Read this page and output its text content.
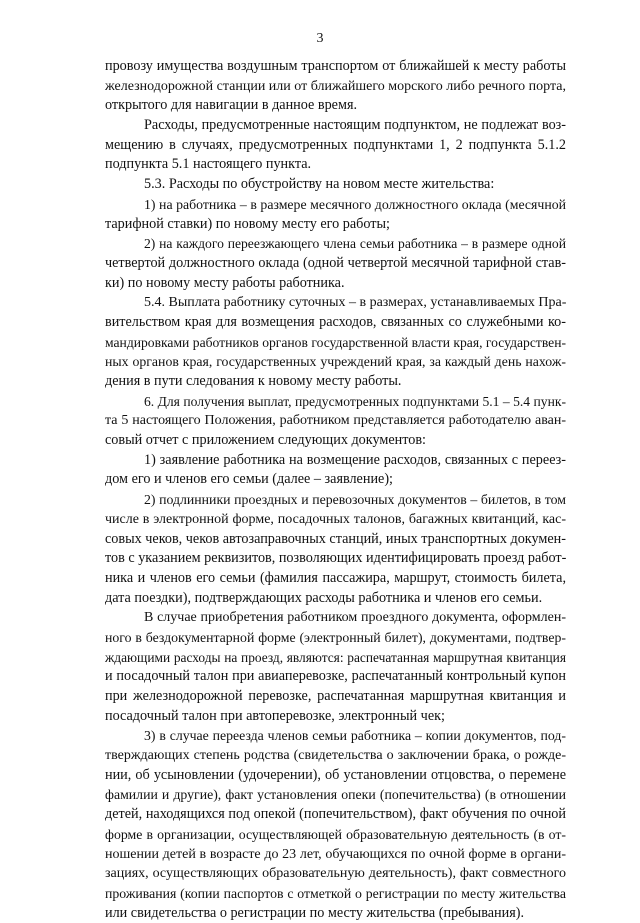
3
провозу имущества воздушным транспортом от ближайшей к месту работы
железнодорожной станции или от ближайшего морского либо речного порта,
открытого для навигации в данное время.
Расходы, предусмотренные настоящим подпунктом, не подлежат воз-
мещению в случаях, предусмотренных подпунктами 1, 2 подпункта 5.1.2
подпункта 5.1 настоящего пункта.
5.3. Расходы по обустройству на новом месте жительства:
1) на работника – в размере месячного должностного оклада (месячной
тарифной ставки) по новому месту его работы;
2) на каждого переезжающего члена семьи работника – в размере одной
четвертой должностного оклада (одной четвертой месячной тарифной став-
ки) по новому месту работы работника.
5.4. Выплата работнику суточных – в размерах, устанавливаемых Пра-
вительством края для возмещения расходов, связанных со служебными ко-
мандировками работников органов государственной власти края, государствен-
ных органов края, государственных учреждений края, за каждый день нахож-
дения в пути следования к новому месту работы.
6. Для получения выплат, предусмотренных подпунктами 5.1 – 5.4 пунк-
та 5 настоящего Положения, работником представляется работодателю аван-
совый отчет с приложением следующих документов:
1) заявление работника на возмещение расходов, связанных с переез-
дом его и членов его семьи (далее – заявление);
2) подлинники проездных и перевозочных документов – билетов, в том
числе в электронной форме, посадочных талонов, багажных квитанций, кас-
совых чеков, чеков автозаправочных станций, иных транспортных докумен-
тов с указанием реквизитов, позволяющих идентифицировать проезд работ-
ника и членов его семьи (фамилия пассажира, маршрут, стоимость билета,
дата поездки), подтверждающих расходы работника и членов его семьи.
В случае приобретения работником проездного документа, оформлен-
ного в бездокументарной форме (электронный билет), документами, подтвер-
ждающими расходы на проезд, являются: распечатанная маршрутная квитанция
и посадочный талон при авиаперевозке, распечатанный контрольный купон
при железнодорожной перевозке, распечатанная маршрутная квитанция и
посадочный талон при автоперевозке, электронный чек;
3) в случае переезда членов семьи работника – копии документов, под-
тверждающих степень родства (свидетельства о заключении брака, о рожде-
нии, об усыновлении (удочерении), об установлении отцовства, о перемене
фамилии и другие), факт установления опеки (попечительства) (в отношении
детей, находящихся под опекой (попечительством), факт обучения по очной
форме в организации, осуществляющей образовательную деятельность (в от-
ношении детей в возрасте до 23 лет, обучающихся по очной форме в органи-
зациях, осуществляющих образовательную деятельность), факт совместного
проживания (копии паспортов с отметкой о регистрации по месту жительства
или свидетельства о регистрации по месту жительства (пребывания).
